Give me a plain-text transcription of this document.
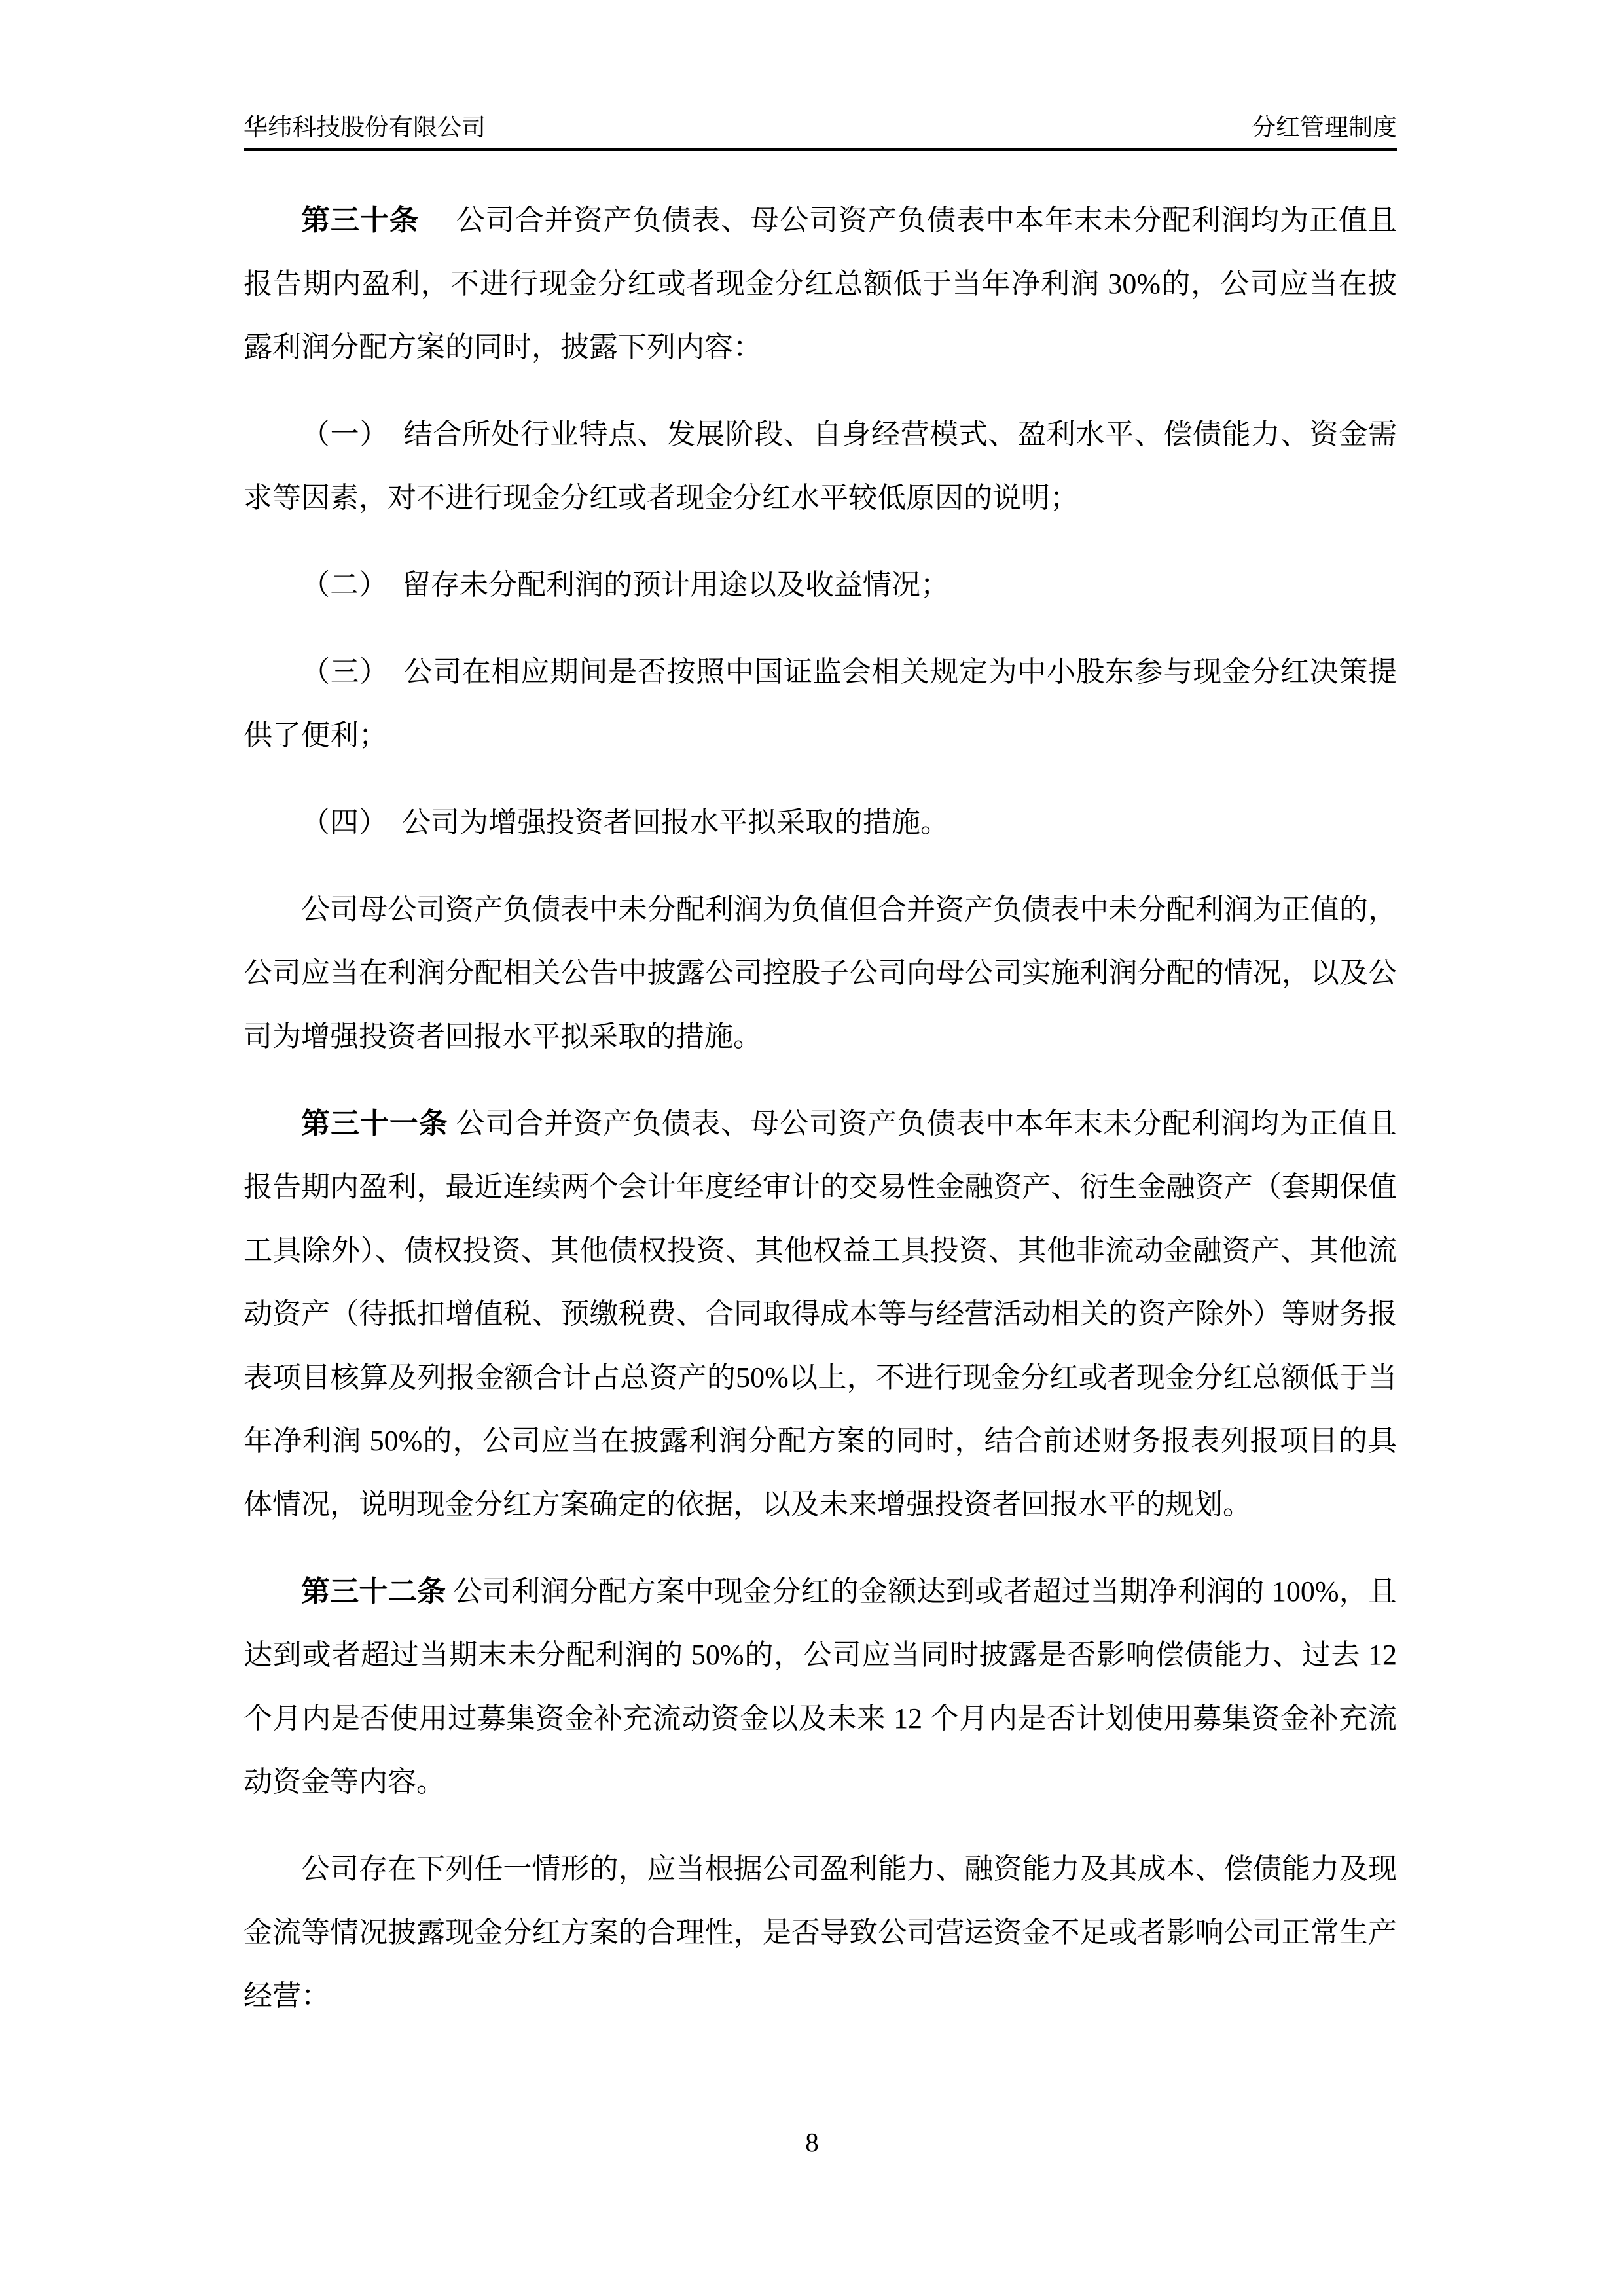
华纬科技股份有限公司	分红管理制度

第三十条　 公司合并资产负债表、母公司资产负债表中本年末未分配利润均为正值且报告期内盈利，不进行现金分红或者现金分红总额低于当年净利润 30%的，公司应当在披露利润分配方案的同时，披露下列内容：

（一）　 结合所处行业特点、发展阶段、自身经营模式、盈利水平、偿债能力、资金需求等因素，对不进行现金分红或者现金分红水平较低原因的说明；

（二）　 留存未分配利润的预计用途以及收益情况；

（三）　 公司在相应期间是否按照中国证监会相关规定为中小股东参与现金分红决策提供了便利；

（四）　 公司为增强投资者回报水平拟采取的措施。

公司母公司资产负债表中未分配利润为负值但合并资产负债表中未分配利润为正值的，公司应当在利润分配相关公告中披露公司控股子公司向母公司实施利润分配的情况，以及公司为增强投资者回报水平拟采取的措施。

第三十一条 公司合并资产负债表、母公司资产负债表中本年末未分配利润均为正值且报告期内盈利，最近连续两个会计年度经审计的交易性金融资产、衍生金融资产（套期保值工具除外）、债权投资、其他债权投资、其他权益工具投资、其他非流动金融资产、其他流动资产（待抵扣增值税、预缴税费、合同取得成本等与经营活动相关的资产除外）等财务报表项目核算及列报金额合计占总资产的50%以上，不进行现金分红或者现金分红总额低于当年净利润 50%的，公司应当在披露利润分配方案的同时，结合前述财务报表列报项目的具体情况，说明现金分红方案确定的依据，以及未来增强投资者回报水平的规划。

第三十二条 公司利润分配方案中现金分红的金额达到或者超过当期净利润的 100%，且达到或者超过当期末未分配利润的 50%的，公司应当同时披露是否影响偿债能力、过去 12 个月内是否使用过募集资金补充流动资金以及未来 12 个月内是否计划使用募集资金补充流动资金等内容。

公司存在下列任一情形的，应当根据公司盈利能力、融资能力及其成本、偿债能力及现金流等情况披露现金分红方案的合理性，是否导致公司营运资金不足或者影响公司正常生产经营：

8
